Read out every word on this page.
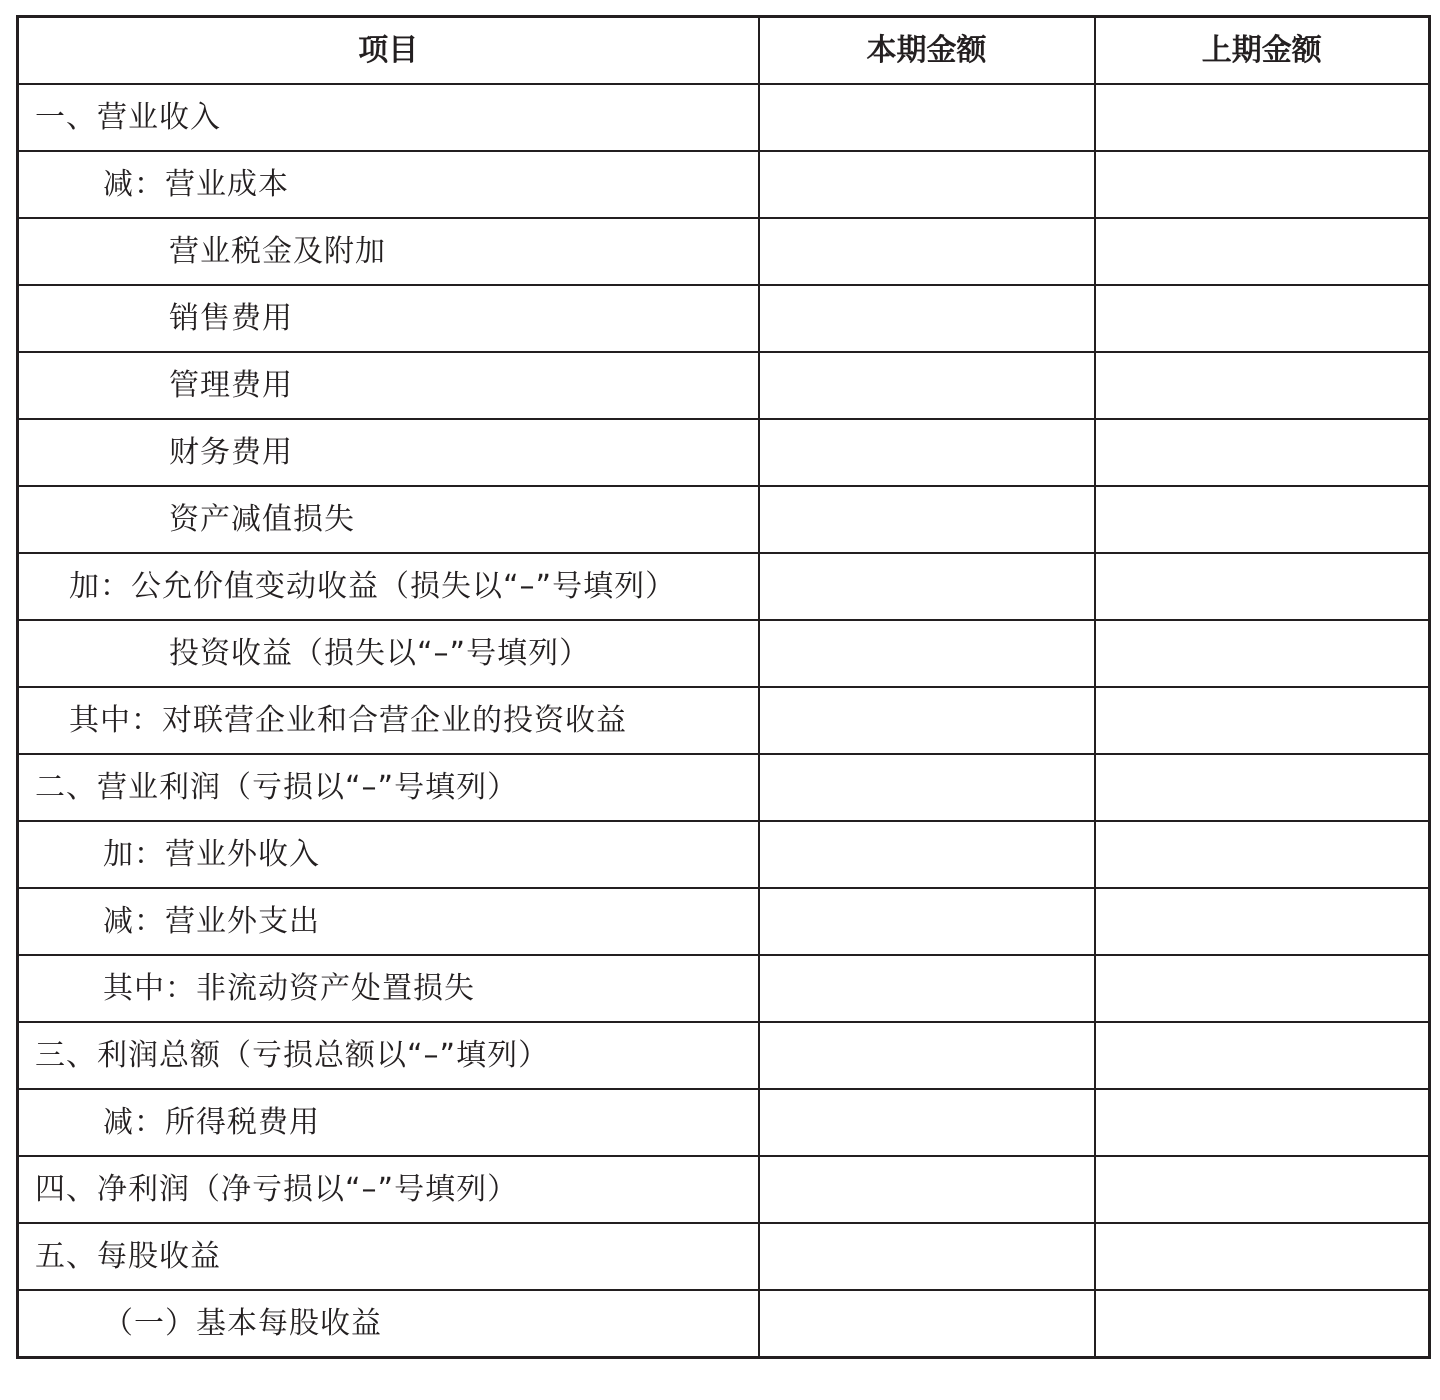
项目	本期金额	上期金额
一、营业收入		
减：营业成本		
营业税金及附加		
销售费用		
管理费用		
财务费用		
资产减值损失		
加：公允价值变动收益（损失以“–”号填列）		
投资收益（损失以“–”号填列）		
其中：对联营企业和合营企业的投资收益		
二、营业利润（亏损以“–”号填列）		
加：营业外收入		
减：营业外支出		
其中：非流动资产处置损失		
三、利润总额（亏损总额以“–”填列）		
减：所得税费用		
四、净利润（净亏损以“–”号填列）		
五、每股收益		
（一）基本每股收益		
